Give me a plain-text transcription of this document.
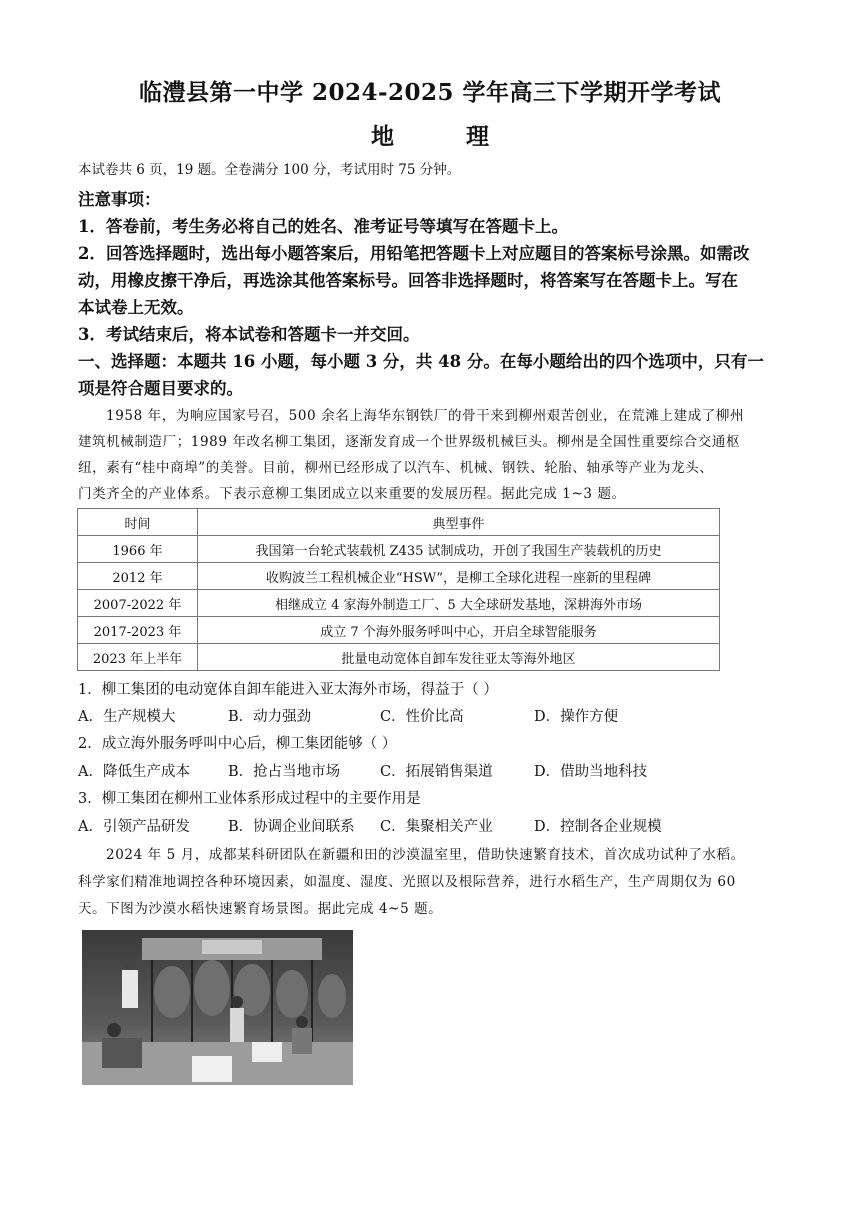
临澧县第一中学 2024-2025 学年高三下学期开学考试
地	理
本试卷共 6 页，19 题。全卷满分 100 分，考试用时 75 分钟。
注意事项：
1．答卷前，考生务必将自己的姓名、准考证号等填写在答题卡上。
2．回答选择题时，选出每小题答案后，用铅笔把答题卡上对应题目的答案标号涂黑。如需改
动，用橡皮擦干净后，再选涂其他答案标号。回答非选择题时，将答案写在答题卡上。写在
本试卷上无效。
3．考试结束后，将本试卷和答题卡一并交回。
一、选择题：本题共 16 小题，每小题 3 分，共 48 分。在每小题给出的四个选项中，只有一
项是符合题目要求的。
1958 年，为响应国家号召，500 余名上海华东钢铁厂的骨干来到柳州艰苦创业，在荒滩上建成了柳州
建筑机械制造厂；1989 年改名柳工集团，逐渐发育成一个世界级机械巨头。柳州是全国性重要综合交通枢
纽，素有“桂中商埠”的美誉。目前，柳州已经形成了以汽车、机械、钢铁、轮胎、轴承等产业为龙头、
门类齐全的产业体系。下表示意柳工集团成立以来重要的发展历程。据此完成 1~3 题。
时间	典型事件
1966 年	我国第一台轮式装载机 Z435 试制成功，开创了我国生产装载机的历史
2012 年	收购波兰工程机械企业“HSW”，是柳工全球化进程一座新的里程碑
2007-2022 年	相继成立 4 家海外制造工厂、5 大全球研发基地，深耕海外市场
2017-2023 年	成立 7 个海外服务呼叫中心，开启全球智能服务
2023 年上半年	批量电动宽体自卸车发往亚太等海外地区
1．柳工集团的电动宽体自卸车能进入亚太海外市场，得益于（ ）
A．生产规模大	B．动力强劲	C．性价比高	D．操作方便
2．成立海外服务呼叫中心后，柳工集团能够（ ）
A．降低生产成本	B．抢占当地市场	C．拓展销售渠道	D．借助当地科技
3．柳工集团在柳州工业体系形成过程中的主要作用是
A．引领产品研发	B．协调企业间联系 C．集聚相关产业	D．控制各企业规模
2024 年 5 月，成都某科研团队在新疆和田的沙漠温室里，借助快速繁育技术，首次成功试种了水稻。
科学家们精准地调控各种环境因素，如温度、湿度、光照以及根际营养，进行水稻生产，生产周期仅为 60
天。下图为沙漠水稻快速繁育场景图。据此完成 4~5 题。
